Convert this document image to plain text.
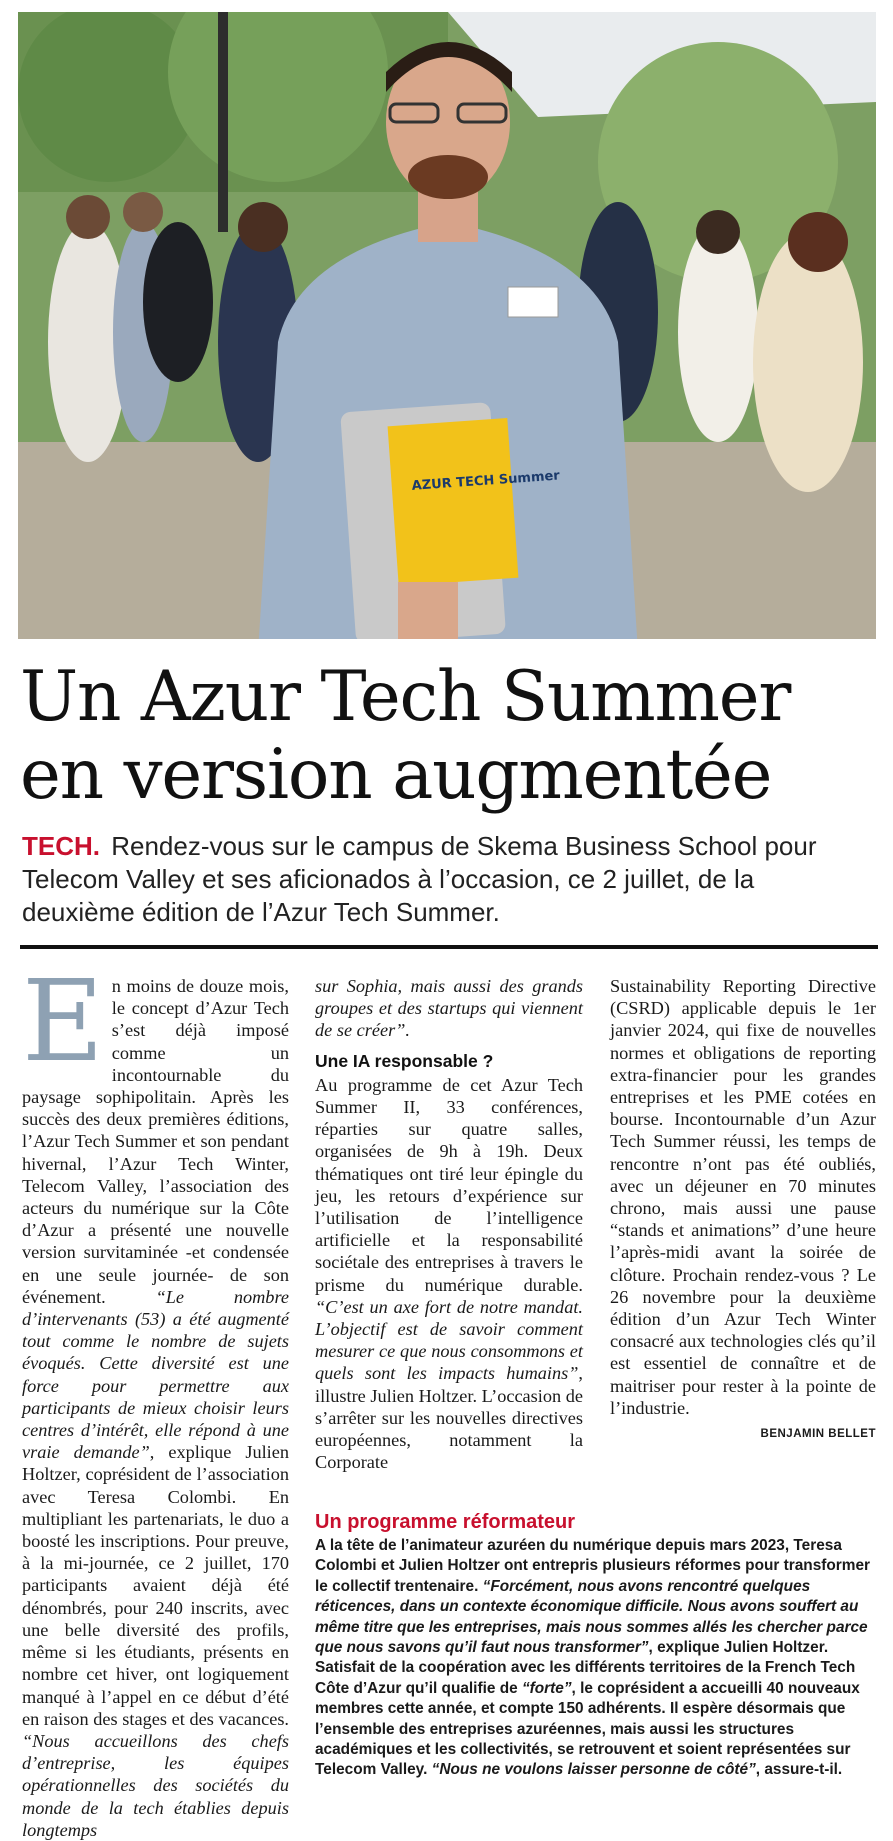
AZUR TECH Summer
Un Azur Tech Summer
en version augmentée
TECH. Rendez-vous sur le campus de Skema Business School pour Telecom Valley et ses aficionados à l’occasion, ce 2 juillet, de la deuxième édition de l’Azur Tech Summer.
E n moins de douze mois, le concept d’Azur Tech s’est déjà imposé comme un incontournable du paysage sophipolitain. Après les succès des deux premières éditions, l’Azur Tech Summer et son pendant hivernal, l’Azur Tech Winter, Telecom Valley, l’association des acteurs du numérique sur la Côte d’Azur a présenté une nouvelle version survitaminée -et condensée en une seule journée- de son événement.	“Le nombre d’intervenants (53) a été augmenté tout comme le nombre de sujets évoqués. Cette diversité est une force pour permettre aux participants de mieux choisir leurs centres d’intérêt, elle répond à une vraie demande”, explique Julien Holtzer, coprésident de l’association avec Teresa Colombi. En multipliant les partenariats, le duo a boosté les inscriptions. Pour preuve, à la mi-journée, ce 2 juillet, 170 participants avaient déjà été dénombrés, pour 240 inscrits, avec une belle diversité des profils, même si les étudiants, présents en nombre cet hiver, ont logiquement manqué à l’appel en ce début d’été en raison des stages et des vacances. “Nous accueillons des chefs d’entreprise, les équipes opérationnelles des sociétés du monde de la tech établies depuis longtemps

sur Sophia, mais aussi des grands groupes et des startups qui viennent de se créer”.

Une IA responsable ?

Au programme de cet Azur Tech Summer II, 33 conférences, réparties sur quatre salles, organisées de 9h à 19h. Deux thématiques ont tiré leur épingle du jeu, les retours d’expérience sur l’utilisation de l’intelligence artificielle et la responsabilité sociétale des entreprises à travers le prisme du numérique durable. “C’est un axe fort de notre mandat. L’objectif est de savoir comment mesurer ce que nous consommons et quels sont les impacts humains”, illustre Julien Holtzer. L’occasion de s’arrêter sur les nouvelles directives européennes, notamment la Corporate

Sustainability Reporting Directive (CSRD) applicable depuis le 1er janvier 2024, qui fixe de nouvelles normes et obligations de reporting extra-financier pour les grandes entreprises et les PME cotées en bourse. Incontournable d’un Azur Tech Summer réussi, les temps de rencontre n’ont pas été oubliés, avec un déjeuner en 70 minutes chrono, mais aussi une pause “stands et animations” d’une heure l’après-midi avant la soirée de clôture. Prochain rendez-vous ? Le 26 novembre pour la deuxième édition d’un Azur Tech Winter consacré aux technologies clés qu’il est essentiel de connaître et de maitriser pour rester à la pointe de l’industrie.

BENJAMIN BELLET
Un programme réformateur

A la tête de l’animateur azuréen du numérique depuis mars 2023, Teresa Colombi et Julien Holtzer ont entrepris plusieurs réformes pour transformer le collectif trentenaire. “Forcément, nous avons rencontré quelques réticences, dans un contexte économique difficile. Nous avons souffert au même titre que les entreprises, mais nous sommes allés les chercher parce que nous savons qu’il faut nous transformer”, explique Julien Holtzer. Satisfait de la coopération avec les différents territoires de la French Tech Côte d’Azur qu’il qualifie de “forte”, le coprésident a accueilli 40 nouveaux membres cette année, et compte 150 adhérents. Il espère désormais que l’ensemble des entreprises azuréennes, mais aussi les structures académiques et les collectivités, se retrouvent et soient représentées sur Telecom Valley. “Nous ne voulons laisser personne de côté”, assure-t-il.
